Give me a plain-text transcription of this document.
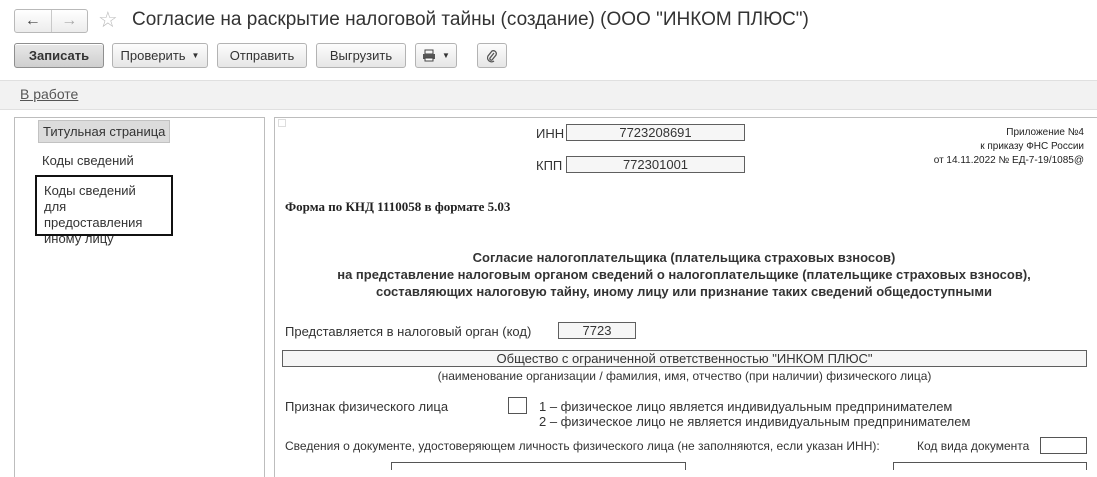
← → ☆ Согласие на раскрытие налоговой тайны (создание) (ООО "ИНКОМ ПЛЮС")
Записать	Проверить ▼	Отправить	Выгрузить	▼
В работе
Титульная страница
Коды сведений
Коды сведений
для предоставления
иному лицу
ИНН	7723208691
КПП	772301001
Приложение №4
к приказу ФНС России
от 14.11.2022 № ЕД-7-19/1085@
Форма по КНД 1110058 в формате 5.03
Согласие налогоплательщика (плательщика страховых взносов)
на представление налоговым органом сведений о налогоплательщике (плательщике страховых взносов),
составляющих налоговую тайну, иному лицу или признание таких сведений общедоступными
Представляется в налоговый орган (код)	7723
Общество с ограниченной ответственностью "ИНКОМ ПЛЮС"
(наименование организации / фамилия, имя, отчество (при наличии) физического лица)
Признак физического лица	1 – физическое лицо является индивидуальным предпринимателем
2 – физическое лицо не является индивидуальным предпринимателем
Сведения о документе, удостоверяющем личность физического лица (не заполняются, если указан ИНН):	Код вида документа
